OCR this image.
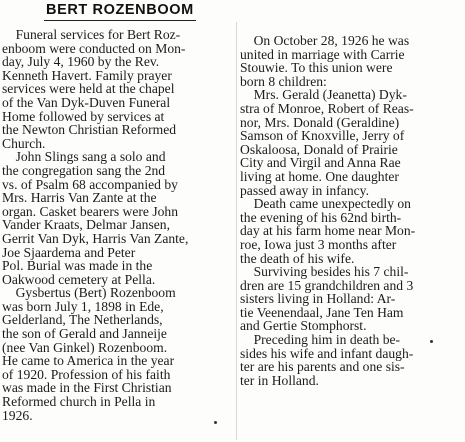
BERT ROZENBOOM
Funeral services for Bert Roz-
enboom were conducted on Mon-
day, July 4, 1960 by the Rev.
Kenneth Havert. Family prayer
services were held at the chapel
of the Van Dyk-Duven Funeral
Home followed by services at
the Newton Christian Reformed
Church.
John Slings sang a solo and
the congregation sang the 2nd
vs. of Psalm 68 accompanied by
Mrs. Harris Van Zante at the
organ. Casket bearers were John
Vander Kraats, Delmar Jansen,
Gerrit Van Dyk, Harris Van Zante,
Joe Sjaardema and Peter
Pol. Burial was made in the
Oakwood cemetery at Pella.
Gysbertus (Bert) Rozenboom
was born July 1, 1898 in Ede,
Gelderland, The Netherlands,
the son of Gerald and Janneije
(nee Van Ginkel) Rozenboom.
He came to America in the year
of 1920. Profession of his faith
was made in the First Christian
Reformed church in Pella in
1926.
On October 28, 1926 he was
united in marriage with Carrie
Stouwie. To this union were
born 8 children:
Mrs. Gerald (Jeanetta) Dyk-
stra of Monroe, Robert of Reas-
nor, Mrs. Donald (Geraldine)
Samson of Knoxville, Jerry of
Oskaloosa, Donald of Prairie
City and Virgil and Anna Rae
living at home. One daughter
passed away in infancy.
Death came unexpectedly on
the evening of his 62nd birth-
day at his farm home near Mon-
roe, Iowa just 3 months after
the death of his wife.
Surviving besides his 7 chil-
dren are 15 grandchildren and 3
sisters living in Holland: Ar-
tie Veenendaal, Jane Ten Ham
and Gertie Stomphorst.
Preceding him in death be-
sides his wife and infant daugh-
ter are his parents and one sis-
ter in Holland.
